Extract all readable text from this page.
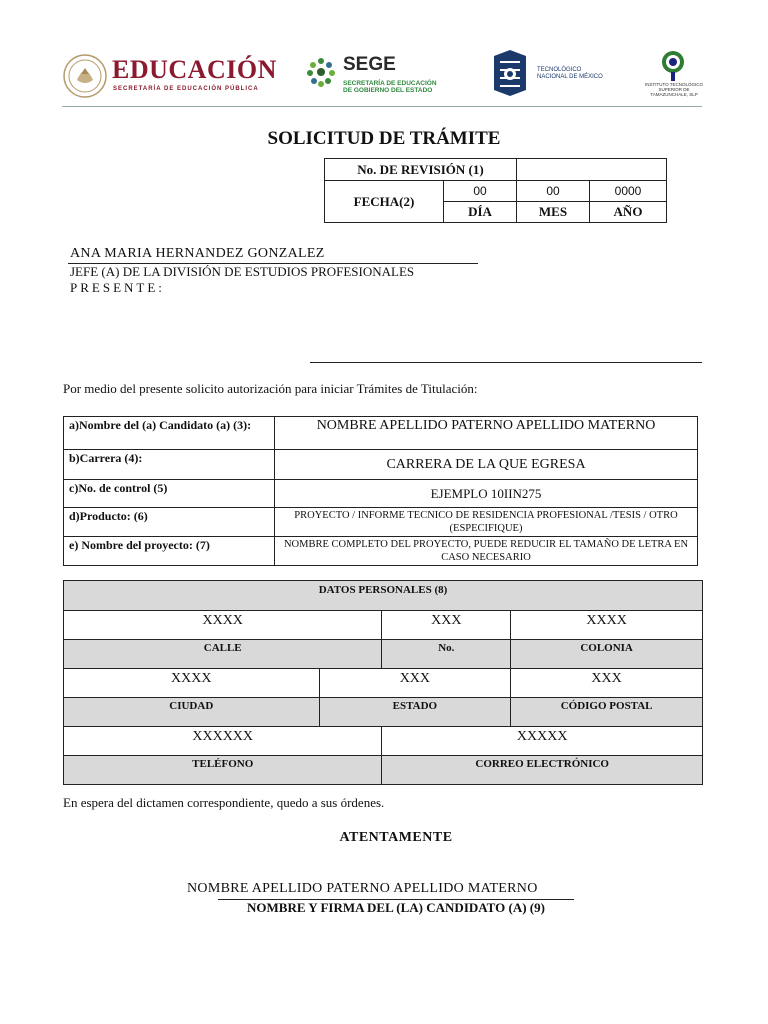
EDUCACIÓN
SECRETARÍA DE EDUCACIÓN PÚBLICA
SEGE
SECRETARÍA DE EDUCACIÓN
DE GOBIERNO DEL ESTADO
TECNOLÓGICO
NACIONAL DE MÉXICO
INSTITUTO TECNOLÓGICO SUPERIOR DE TAMAZUNCHALE, SLP
SOLICITUD DE TRÁMITE
No. DE REVISIÓN (1)			
FECHA(2)	00	00	0000
	DÍA	MES	AÑO
ANA MARIA HERNANDEZ GONZALEZ
JEFE (A) DE LA DIVISIÓN DE ESTUDIOS PROFESIONALES
PRESENTE:
Por medio del presente solicito autorización para iniciar Trámites de Titulación:
a)Nombre del (a) Candidato (a) (3):	NOMBRE APELLIDO PATERNO APELLIDO MATERNO
b)Carrera (4):	CARRERA DE LA QUE EGRESA
c)No. de control (5)	EJEMPLO 10IIN275
d)Producto: (6)	PROYECTO / INFORME TECNICO DE RESIDENCIA PROFESIONAL /TESIS / OTRO (ESPECIFIQUE)
e) Nombre del proyecto: (7)	NOMBRE COMPLETO DEL PROYECTO, PUEDE REDUCIR EL TAMAÑO DE LETRA EN CASO NECESARIO
DATOS PERSONALES (8)											
XXXX						XXX		XXXX			
CALLE						No.		COLONIA			
XXXX					XXX			XXX			
CIUDAD					ESTADO			CÓDIGO POSTAL			
XXXXXX						XXXXX					
TELÉFONO						CORREO ELECTRÓNICO					

En espera del dictamen correspondiente, quedo a sus órdenes.
ATENTAMENTE
NOMBRE APELLIDO PATERNO APELLIDO MATERNO
NOMBRE Y FIRMA DEL (LA) CANDIDATO (A) (9)
